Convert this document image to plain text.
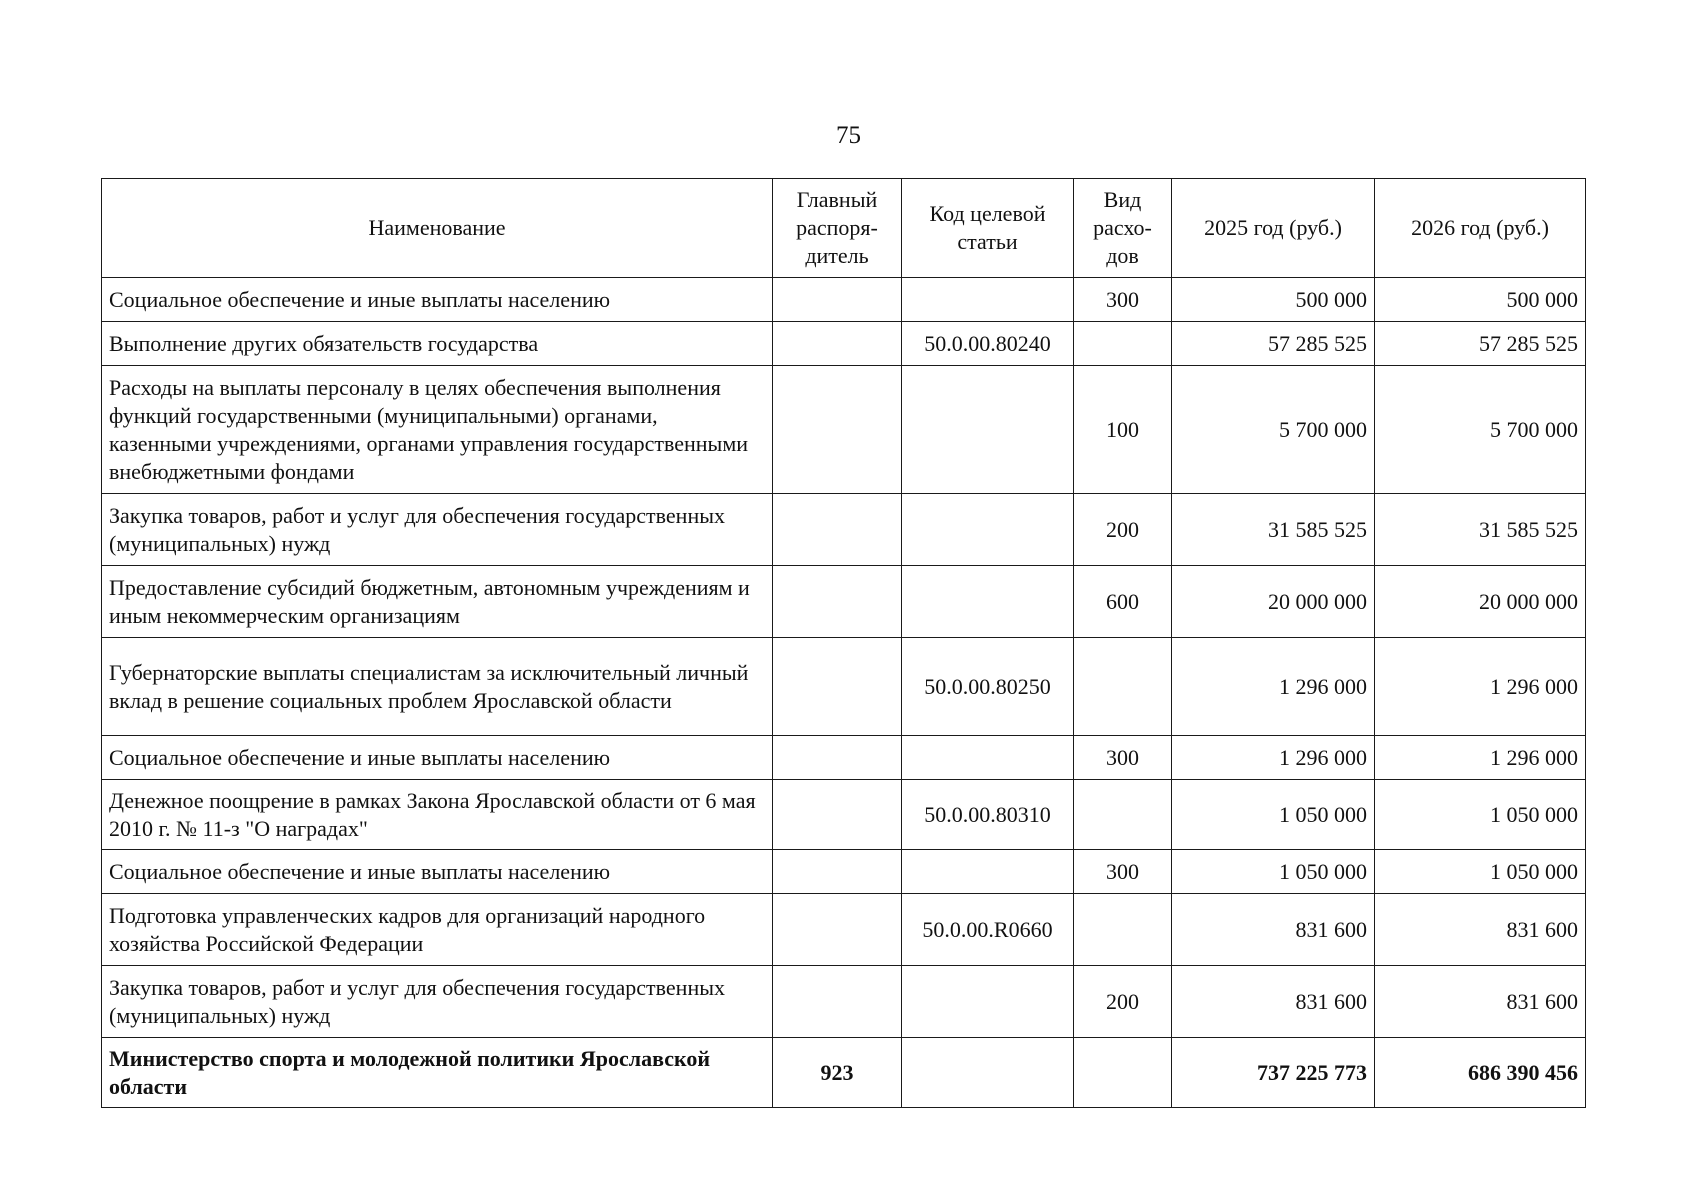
75
Наименование	Главный распоря- дитель	Код целевой статьи	Вид расхо- дов	2025 год (руб.)	2026 год (руб.)
Социальное обеспечение и иные выплаты населению			300	500 000	500 000
Выполнение других обязательств государства		50.0.00.80240		57 285 525	57 285 525
Расходы на выплаты персоналу в целях обеспечения выполнения функций государственными (муниципальными) органами, казенными учреждениями, органами управления государственными внебюджетными фондами			100	5 700 000	5 700 000
Закупка товаров, работ и услуг для обеспечения государственных (муниципальных) нужд			200	31 585 525	31 585 525
Предоставление субсидий бюджетным, автономным учреждениям и иным некоммерческим организациям			600	20 000 000	20 000 000
Губернаторские выплаты специалистам за исключительный личный вклад в решение социальных проблем Ярославской области		50.0.00.80250		1 296 000	1 296 000
Социальное обеспечение и иные выплаты населению			300	1 296 000	1 296 000
Денежное поощрение в рамках Закона Ярославской области от 6 мая 2010 г. № 11-з "О наградах"		50.0.00.80310		1 050 000	1 050 000
Социальное обеспечение и иные выплаты населению			300	1 050 000	1 050 000
Подготовка управленческих кадров для организаций народного хозяйства Российской Федерации		50.0.00.R0660		831 600	831 600
Закупка товаров, работ и услуг для обеспечения государственных (муниципальных) нужд			200	831 600	831 600
Министерство спорта и молодежной политики Ярославской области	923			737 225 773	686 390 456
